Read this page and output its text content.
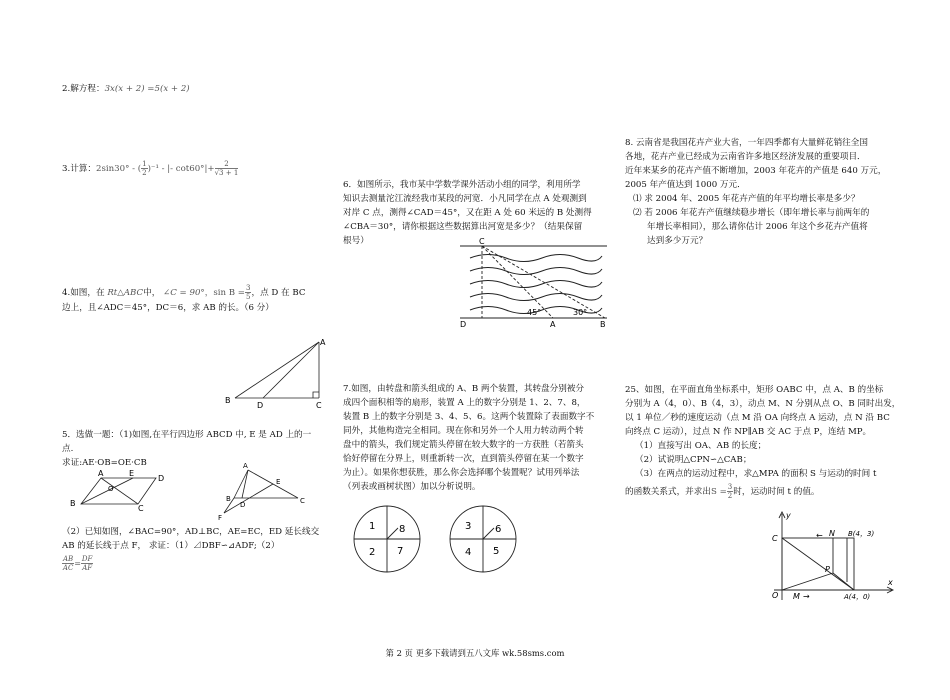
2.解方程：3x(x + 2) =5(x + 2)
3.计算：2sin30° - ( $\frac{1}{2} )^{-1}$ - |- $\cot 60^\circ|+ \frac{2}{√3 + 1}$
4.如图，在 Rt△ABC中， ∠C = 90°，$\sin B = \frac{3}{5}$ ，点 D 在 BC
边上，且∠ADC＝45°，DC＝6，求 AB 的长。（6 分）
A
B
C
D
5．选做一题：（1)如图,在平行四边形 ABCD 中, E 是 AD 上的一
点.
求证:AE·OB=OE·CB
A	E
O
B
D
C
A
E
B
D	C
F
（2）已知如图，∠BAC=90°，AD⊥BC，AE=EC，ED 延长线交
AB 的延长线于点 F， 求证：（1）⊿DBF∽⊿ADF;（2）
$\frac{AB}{AC} = \frac{DF}{AF}$
6．如图所示，我市某中学数学课外活动小组的同学，利用所学
知识去测量沱江流经我市某段的河宽．小凡同学在点 A 处观测到
对岸 C 点，测得∠CAD＝45°，又在距 A 处 60 米远的 B 处测得
∠CBA＝30°，请你根据这些数据算出河宽是多少？（结果保留
根号）	C
D	A	B
45°	30°
7.如图，由转盘和箭头组成的 A、B 两个装置，其转盘分别被分
成四个面积相等的扇形，装置 A 上的数字分别是 1、2、7、8，
装置 B 上的数字分别是 3、4、5、6。这两个装置除了表面数字不
同外，其他构造完全相同。现在你和另外一个人用力转动两个转
盘中的箭头，我们规定箭头停留在较大数字的一方获胜（若箭头
恰好停留在分界上，则重新转一次，直到箭头停留在某一个数字
为止）。如果你想获胜，那么你会选择哪个装置呢？试用列举法
（列表或画树状图）加以分析说明。
1 8
2 7
3 6
4 5
8. 云南省是我国花卉产业大省，一年四季都有大量鲜花销往全国
各地，花卉产业已经成为云南省许多地区经济发展的重要项目．
近年来某乡的花卉产值不断增加，2003 年花卉的产值是 640 万元，
2005 年产值达到 1000 万元．
⑴ 求 2004 年、2005 年花卉产值的年平均增长率是多少？
⑵ 若 2006 年花卉产值继续稳步增长（即年增长率与前两年的
年增长率相同），那么请你估计 2006 年这个乡花卉产值将
达到多少万元？
25、如图，在平面直角坐标系中，矩形 OABC 中，点 A、B 的坐标
分别为 A（4，0）、B（4，3），动点 M、N 分别从点 O、B 同时出发，
以 1 单位／秒的速度运动（点 M 沿 OA 向终点 A 运动，点 N 沿 BC
向终点 C 运动），过点 N 作 NP∥AB 交 AC 于点 P，连结 MP。
（1）直接写出 OA、AB 的长度；
（2）试说明△CPN∽△CAB；
（3）在两点的运动过程中，求△MPA 的面积 S 与运动的时间 t
的函数关系式，并求出$S = \frac{3}{2}$ 时，运动时间 t 的值。
y
x
O
C	← N B(4，3)
P
M →	A(4，0)
第 2 页 更多下载请到五八文库 wk.58sms.com
